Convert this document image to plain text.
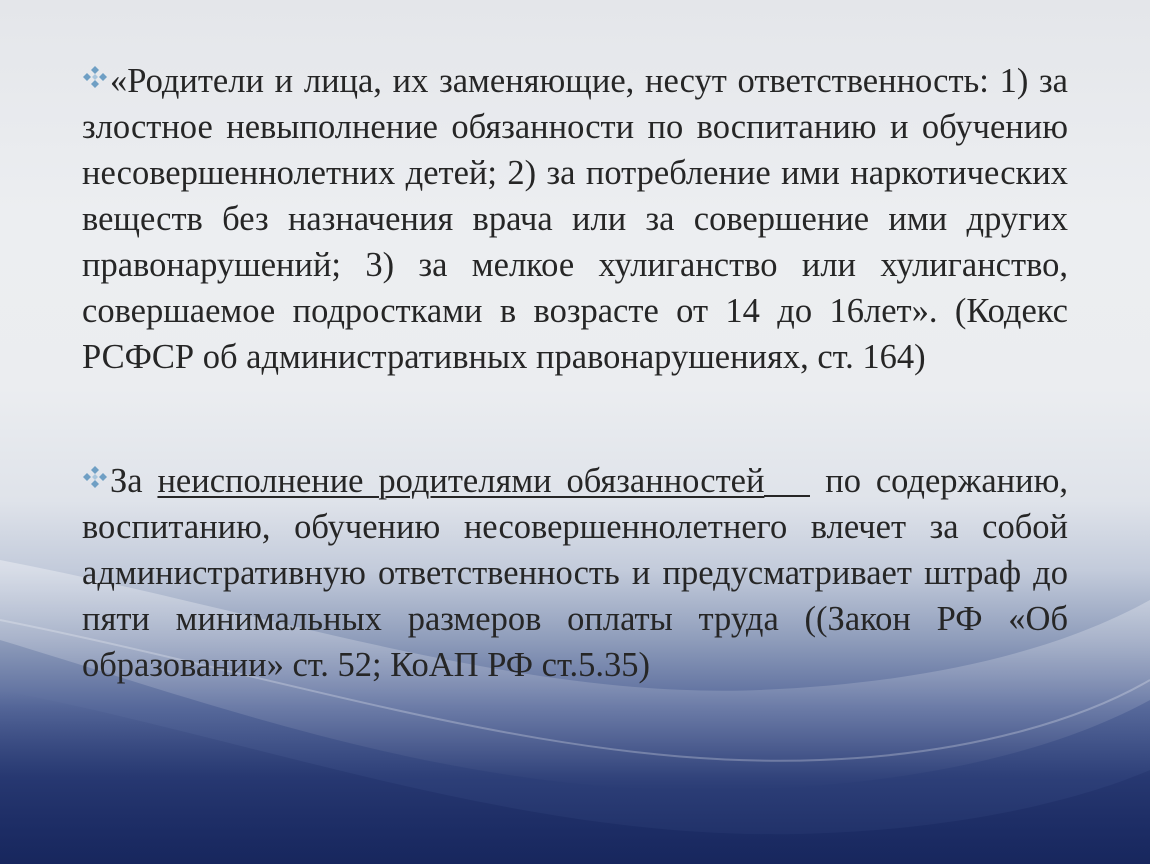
«Родители и лица, их заменяющие, несут ответственность: 1) за злостное невыполнение обязанности по воспитанию и обучению несовершеннолетних детей; 2) за потребление ими наркотических веществ без назначения врача или за совершение ими других правонарушений; 3) за мелкое хулиганство или хулиганство, совершаемое подростками в возрасте от 14 до 16лет». (Кодекс РСФСР об административных правонарушениях, ст. 164)
За неисполнение родителями обязанностей по содержанию, воспитанию, обучению несовершеннолетнего влечет за собой административную ответственность и предусматривает штраф до пяти минимальных размеров оплаты труда ((Закон РФ «Об образовании» ст. 52; КоАП РФ ст.5.35)
